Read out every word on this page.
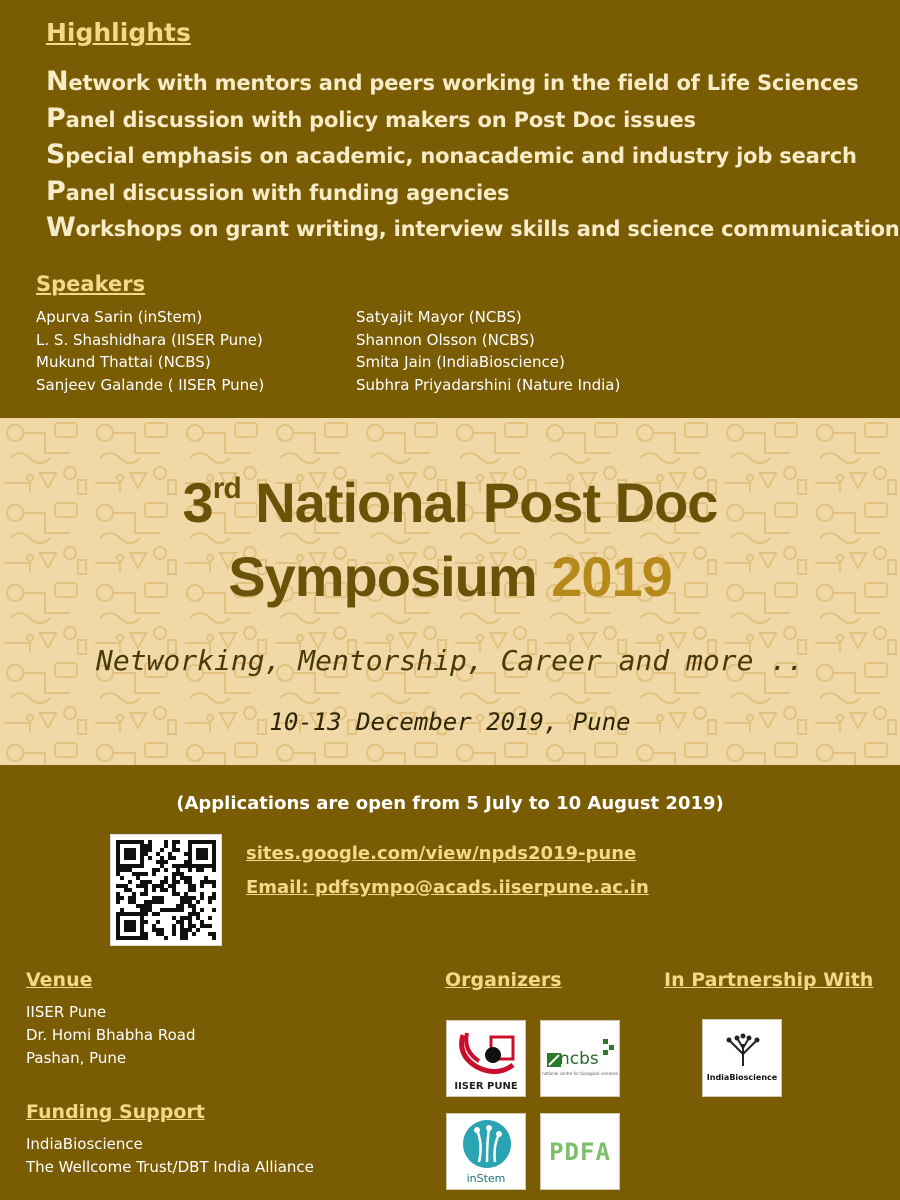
Highlights
Network with mentors and peers working in the field of Life Sciences
Panel discussion with policy makers on Post Doc issues
Special emphasis on academic, nonacademic and industry job search
Panel discussion with funding agencies
Workshops on grant writing, interview skills and science communication
Speakers
Apurva Sarin (inStem)
L. S. Shashidhara (IISER Pune)
Mukund Thattai (NCBS)
Sanjeev Galande ( IISER Pune)
Satyajit Mayor (NCBS)
Shannon Olsson (NCBS)
Smita Jain (IndiaBioscience)
Subhra Priyadarshini (Nature India)
3rd National Post Doc
Symposium 2019
Networking, Mentorship, Career and more ..
10-13 December 2019, Pune
(Applications are open from 5 July to 10 August 2019)
sites.google.com/view/npds2019-pune
Email: pdfsympo@acads.iiserpune.ac.in
Venue
IISER Pune
Dr. Homi Bhabha Road
Pashan, Pune
Funding Support
IndiaBioscience
The Wellcome Trust/DBT India Alliance
Organizers
IISER PUNE
ncbs
national centre for biological sciences
inStem
PDFA
In Partnership With
IndiaBioscience
